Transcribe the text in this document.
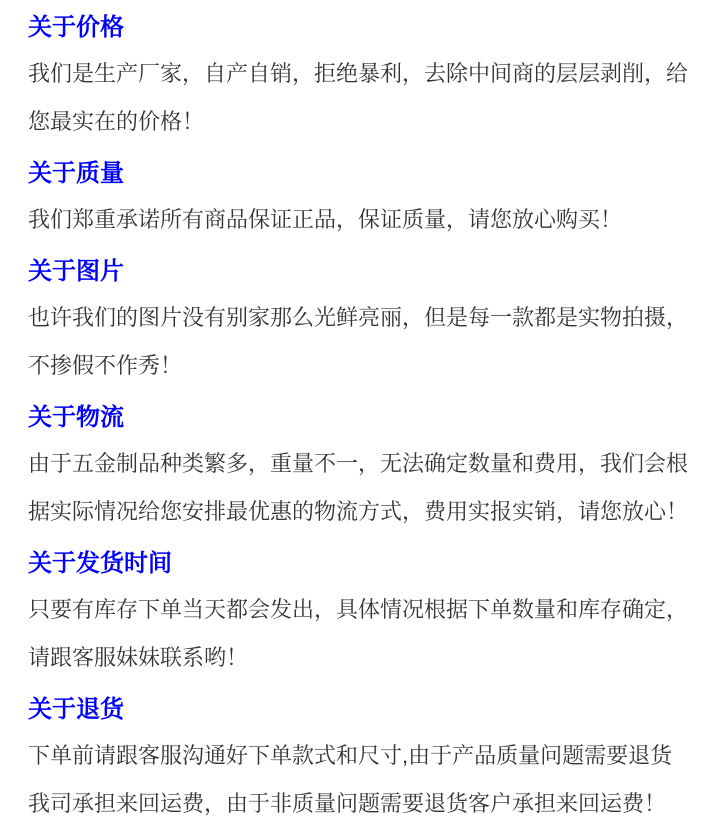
关于价格
我们是生产厂家，自产自销，拒绝暴利，去除中间商的层层剥削，给
您最实在的价格！
关于质量
我们郑重承诺所有商品保证正品，保证质量，请您放心购买！
关于图片
也许我们的图片没有别家那么光鲜亮丽，但是每一款都是实物拍摄，
不掺假不作秀！
关于物流
由于五金制品种类繁多，重量不一，无法确定数量和费用，我们会根
据实际情况给您安排最优惠的物流方式，费用实报实销，请您放心！
关于发货时间
只要有库存下单当天都会发出，具体情况根据下单数量和库存确定，
请跟客服妹妹联系哟！
关于退货
下单前请跟客服沟通好下单款式和尺寸,由于产品质量问题需要退货
我司承担来回运费，由于非质量问题需要退货客户承担来回运费！
